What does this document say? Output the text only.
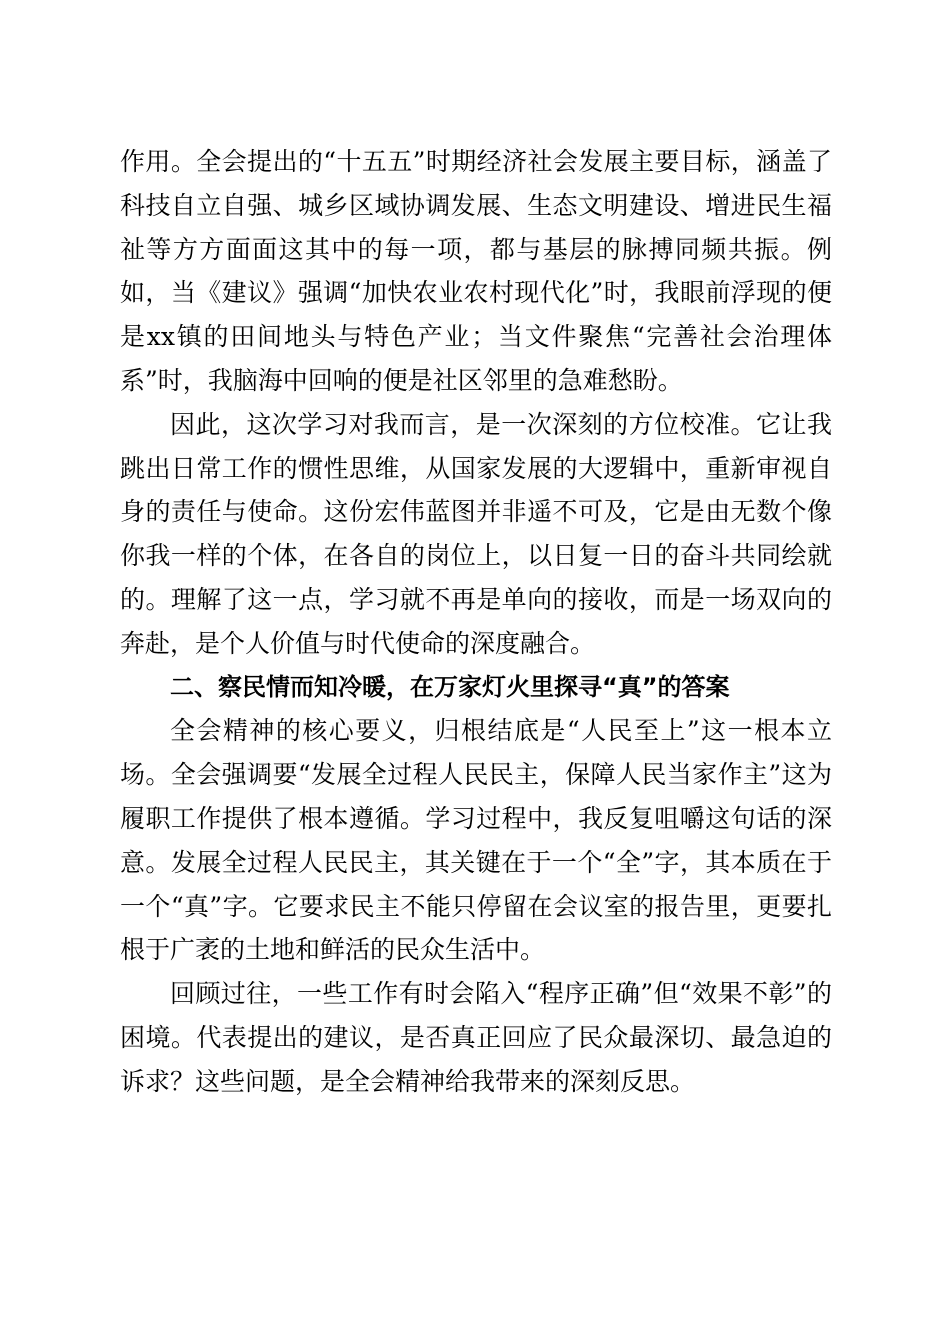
作用。全会提出的“十五五”时期经济社会发展主要目标，涵盖了科技自立自强、城乡区域协调发展、生态文明建设、增进民生福祉等方方面面这其中的每一项，都与基层的脉搏同频共振。例如，当《建议》强调“加快农业农村现代化”时，我眼前浮现的便是xx镇的田间地头与特色产业；当文件聚焦“完善社会治理体系”时，我脑海中回响的便是社区邻里的急难愁盼。

因此，这次学习对我而言，是一次深刻的方位校准。它让我跳出日常工作的惯性思维，从国家发展的大逻辑中，重新审视自身的责任与使命。这份宏伟蓝图并非遥不可及，它是由无数个像你我一样的个体，在各自的岗位上，以日复一日的奋斗共同绘就的。理解了这一点，学习就不再是单向的接收，而是一场双向的奔赴，是个人价值与时代使命的深度融合。

二、察民情而知冷暖，在万家灯火里探寻“真”的答案

全会精神的核心要义，归根结底是“人民至上”这一根本立场。全会强调要“发展全过程人民民主，保障人民当家作主”这为履职工作提供了根本遵循。学习过程中，我反复咀嚼这句话的深意。发展全过程人民民主，其关键在于一个“全”字，其本质在于一个“真”字。它要求民主不能只停留在会议室的报告里，更要扎根于广袤的土地和鲜活的民众生活中。

回顾过往，一些工作有时会陷入“程序正确”但“效果不彰”的困境。代表提出的建议，是否真正回应了民众最深切、最急迫的诉求？这些问题，是全会精神给我带来的深刻反思。
